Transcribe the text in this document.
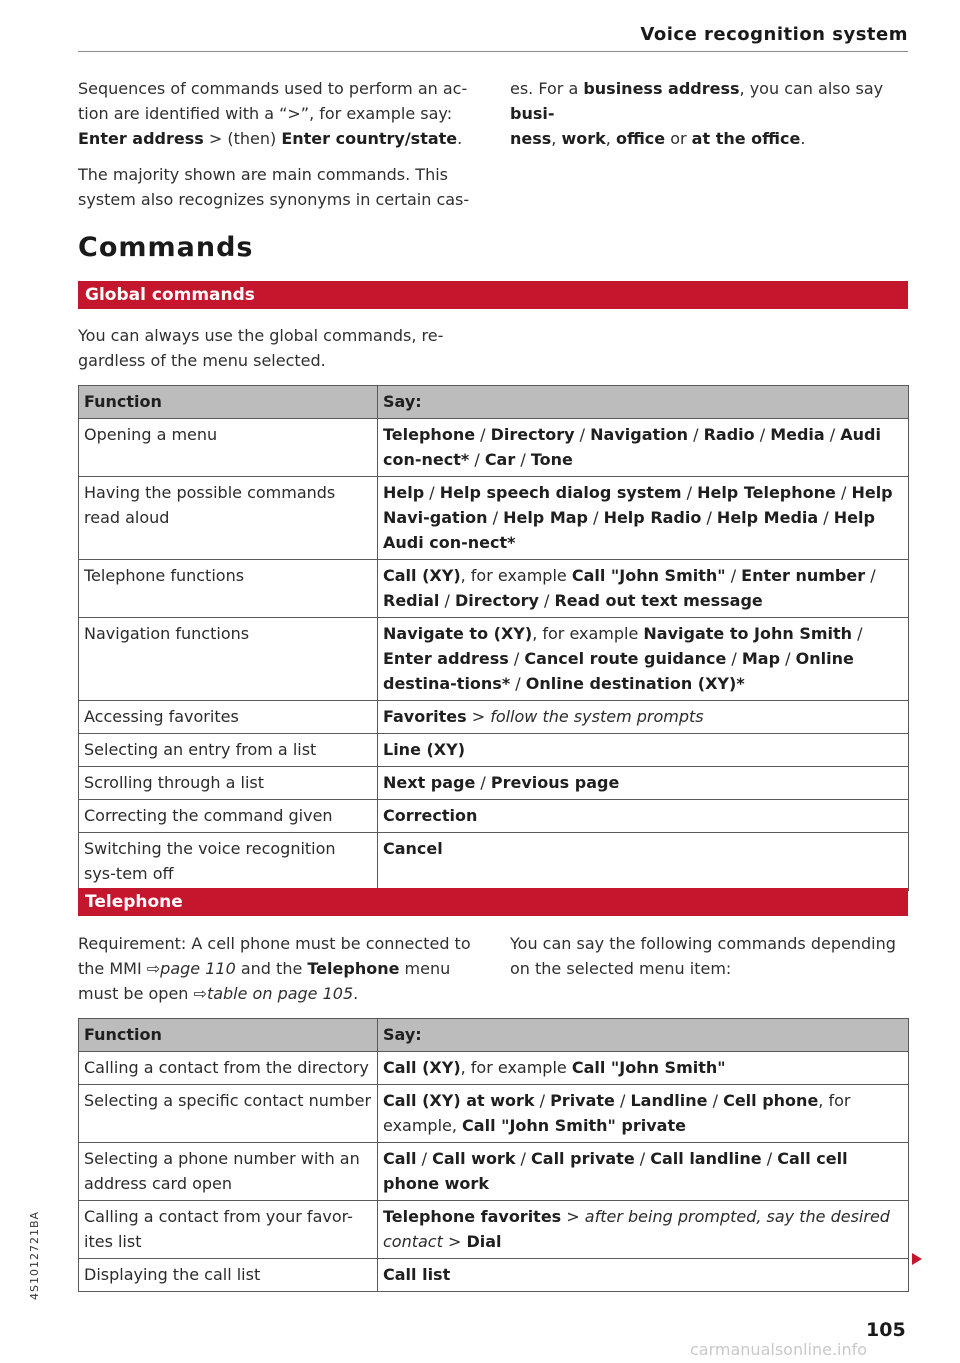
Voice recognition system
Sequences of commands used to perform an ac-
tion are identified with a “>”, for example say:
Enter address > (then) Enter country/state.
The majority shown are main commands. This
system also recognizes synonyms in certain cas-
es. For a business address, you can also say busi-
ness, work, office or at the office.
Commands
Global commands
You can always use the global commands, re-
gardless of the menu selected.
Function	Say:
Opening a menu	Telephone / Directory / Navigation / Radio / Media / Audi con-nect* / Car / Tone
Having the possible commands read aloud	Help / Help speech dialog system / Help Telephone / Help Navi-gation / Help Map / Help Radio / Help Media / Help Audi con-nect*
Telephone functions	Call (XY), for example Call "John Smith" / Enter number / Redial / Directory / Read out text message
Navigation functions	Navigate to (XY), for example Navigate to John Smith / Enter address / Cancel route guidance / Map / Online destina-tions* / Online destination (XY)*
Accessing favorites	Favorites > follow the system prompts
Selecting an entry from a list	Line (XY)
Scrolling through a list	Next page / Previous page
Correcting the command given	Correction
Switching the voice recognition sys-tem off	Cancel
Telephone
Requirement: A cell phone must be connected to
the MMI ⇨page 110 and the Telephone menu
must be open ⇨table on page 105.
You can say the following commands depending
on the selected menu item:
Function	Say:
Calling a contact from the directory	Call (XY), for example Call "John Smith"
Selecting a specific contact number	Call (XY) at work / Private / Landline / Cell phone, for example, Call "John Smith" private
Selecting a phone number with an address card open	Call / Call work / Call private / Call landline / Call cell phone work
Calling a contact from your favor-ites list	Telephone favorites > after being prompted, say the desired contact > Dial
Displaying the call list	Call list
4S1012721BA
105
carmanualsonline.info
